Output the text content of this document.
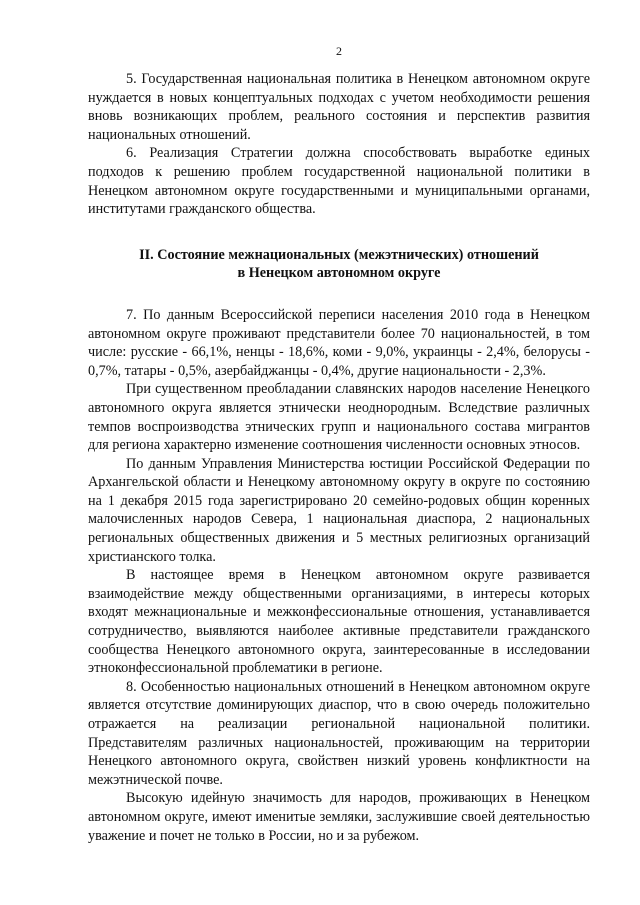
2

5. Государственная национальная политика в Ненецком автономном округе нуждается в новых концептуальных подходах с учетом необходимости решения вновь возникающих проблем, реального состояния и перспектив развития национальных отношений.

6. Реализация Стратегии должна способствовать выработке единых подходов к решению проблем государственной национальной политики в Ненецком автономном округе государственными и муниципальными органами, институтами гражданского общества.

II. Состояние межнациональных (межэтнических) отношений
в Ненецком автономном округе

7. По данным Всероссийской переписи населения 2010 года в Ненецком автономном округе проживают представители более 70 национальностей, в том числе: русские - 66,1%, ненцы - 18,6%, коми - 9,0%, украинцы - 2,4%, белорусы - 0,7%, татары - 0,5%, азербайджанцы - 0,4%, другие национальности - 2,3%.

При существенном преобладании славянских народов население Ненецкого автономного округа является этнически неоднородным. Вследствие различных темпов воспроизводства этнических групп и национального состава мигрантов для региона характерно изменение соотношения численности основных этносов.

По данным Управления Министерства юстиции Российской Федерации по Архангельской области и Ненецкому автономному округу в округе по состоянию на 1 декабря 2015 года зарегистрировано 20 семейно-родовых общин коренных малочисленных народов Севера, 1 национальная диаспора, 2 национальных региональных общественных движения и 5 местных религиозных организаций христианского толка.

В настоящее время в Ненецком автономном округе развивается взаимодействие между общественными организациями, в интересы которых входят межнациональные и межконфессиональные отношения, устанавливается сотрудничество, выявляются наиболее активные представители гражданского сообщества Ненецкого автономного округа, заинтересованные в исследовании этноконфессиональной проблематики в регионе.

8. Особенностью национальных отношений в Ненецком автономном округе является отсутствие доминирующих диаспор, что в свою очередь положительно отражается на реализации региональной национальной политики. Представителям различных национальностей, проживающим на территории Ненецкого автономного округа, свойствен низкий уровень конфликтности на межэтнической почве.

Высокую идейную значимость для народов, проживающих в Ненецком автономном округе, имеют именитые земляки, заслужившие своей деятельностью уважение и почет не только в России, но и за рубежом.
